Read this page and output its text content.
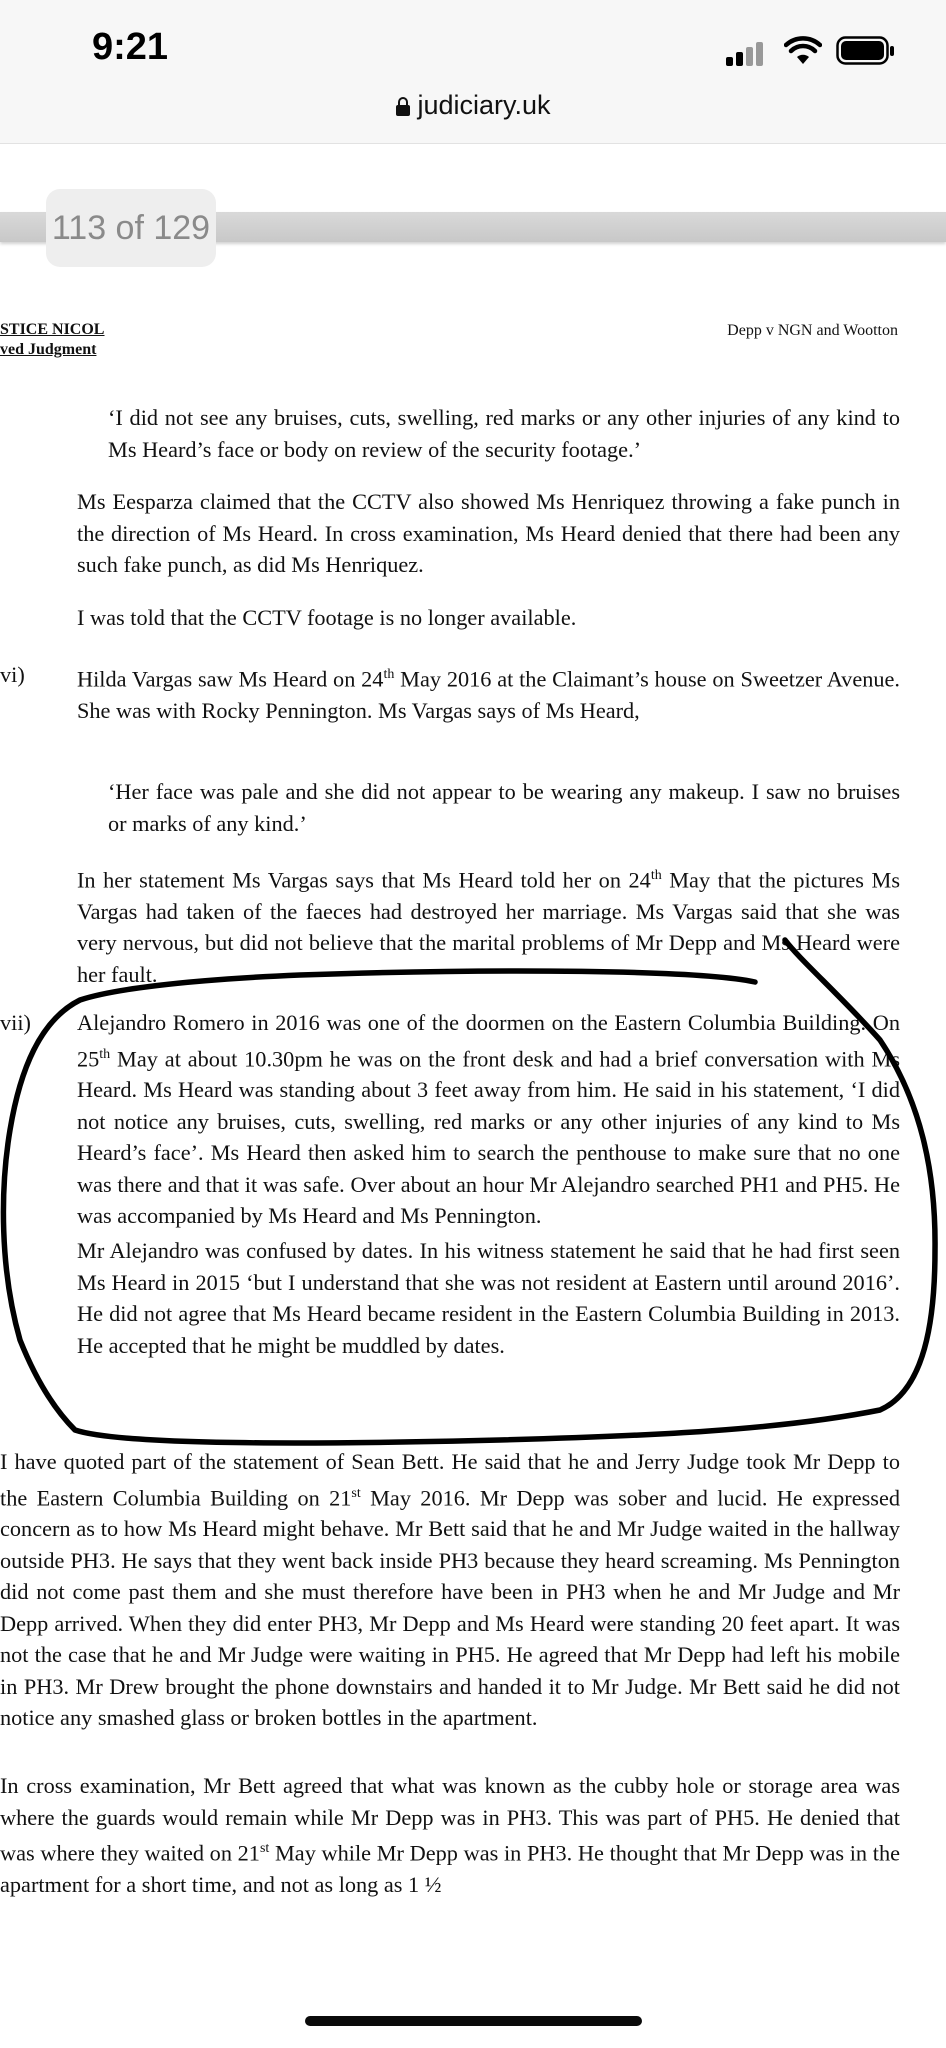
9:21
judiciary.uk
113 of 129
STICE NICOL
ved Judgment
Depp v NGN and Wootton
‘I did not see any bruises, cuts, swelling, red marks or any other injuries of any kind to Ms Heard’s face or body on review of the security footage.’
Ms Eesparza claimed that the CCTV also showed Ms Henriquez throwing a fake punch in the direction of Ms Heard. In cross examination, Ms Heard denied that there had been any such fake punch, as did Ms Henriquez.
I was told that the CCTV footage is no longer available.
vi) Hilda Vargas saw Ms Heard on 24th May 2016 at the Claimant’s house on Sweetzer Avenue. She was with Rocky Pennington. Ms Vargas says of Ms Heard,
‘Her face was pale and she did not appear to be wearing any makeup. I saw no bruises or marks of any kind.’
In her statement Ms Vargas says that Ms Heard told her on 24th May that the pictures Ms Vargas had taken of the faeces had destroyed her marriage. Ms Vargas said that she was very nervous, but did not believe that the marital problems of Mr Depp and Ms Heard were her fault.
vii) Alejandro Romero in 2016 was one of the doormen on the Eastern Columbia Building. On 25th May at about 10.30pm he was on the front desk and had a brief conversation with Ms Heard. Ms Heard was standing about 3 feet away from him. He said in his statement, ‘I did not notice any bruises, cuts, swelling, red marks or any other injuries of any kind to Ms Heard’s face’. Ms Heard then asked him to search the penthouse to make sure that no one was there and that it was safe. Over about an hour Mr Alejandro searched PH1 and PH5. He was accompanied by Ms Heard and Ms Pennington.
Mr Alejandro was confused by dates. In his witness statement he said that he had first seen Ms Heard in 2015 ‘but I understand that she was not resident at Eastern until around 2016’. He did not agree that Ms Heard became resident in the Eastern Columbia Building in 2013. He accepted that he might be muddled by dates.
I have quoted part of the statement of Sean Bett. He said that he and Jerry Judge took Mr Depp to the Eastern Columbia Building on 21st May 2016. Mr Depp was sober and lucid. He expressed concern as to how Ms Heard might behave. Mr Bett said that he and Mr Judge waited in the hallway outside PH3. He says that they went back inside PH3 because they heard screaming. Ms Pennington did not come past them and she must therefore have been in PH3 when he and Mr Judge and Mr Depp arrived. When they did enter PH3, Mr Depp and Ms Heard were standing 20 feet apart. It was not the case that he and Mr Judge were waiting in PH5. He agreed that Mr Depp had left his mobile in PH3. Mr Drew brought the phone downstairs and handed it to Mr Judge. Mr Bett said he did not notice any smashed glass or broken bottles in the apartment.
In cross examination, Mr Bett agreed that what was known as the cubby hole or storage area was where the guards would remain while Mr Depp was in PH3. This was part of PH5. He denied that was where they waited on 21st May while Mr Depp was in PH3. He thought that Mr Depp was in the apartment for a short time, and not as long as 1 ½
